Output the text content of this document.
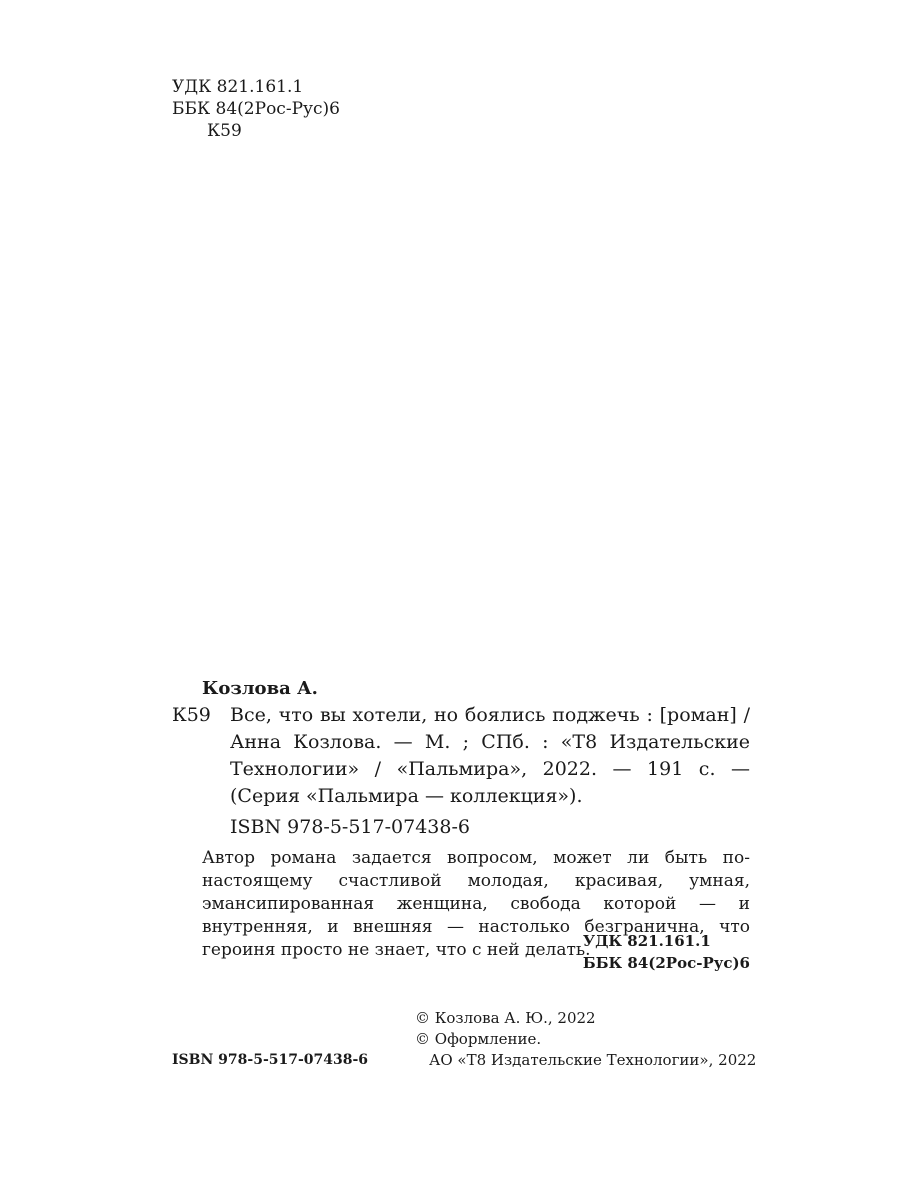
УДК 821.161.1
ББК 84(2Рос-Рус)6
К59
Козлова А.
К59 Все, что вы хотели, но боялись поджечь : [роман] / Анна Козлова. — М. ; СПб. : «Т8 Издательские Технологии» / «Пальмира», 2022. — 191 с. — (Серия «Пальмира — коллекция»).

ISBN 978-5-517-07438-6

Автор романа задается вопросом, может ли быть по-настоящему счастливой молодая, красивая, умная, эмансипированная женщина, свобода которой — и внутренняя, и внешняя — настолько безгранична, что героиня просто не знает, что с ней делать.

УДК 821.161.1
ББК 84(2Рос-Рус)6
© Козлова А. Ю., 2022
© Оформление.
АО «Т8 Издательские Технологии», 2022
ISBN 978-5-517-07438-6
